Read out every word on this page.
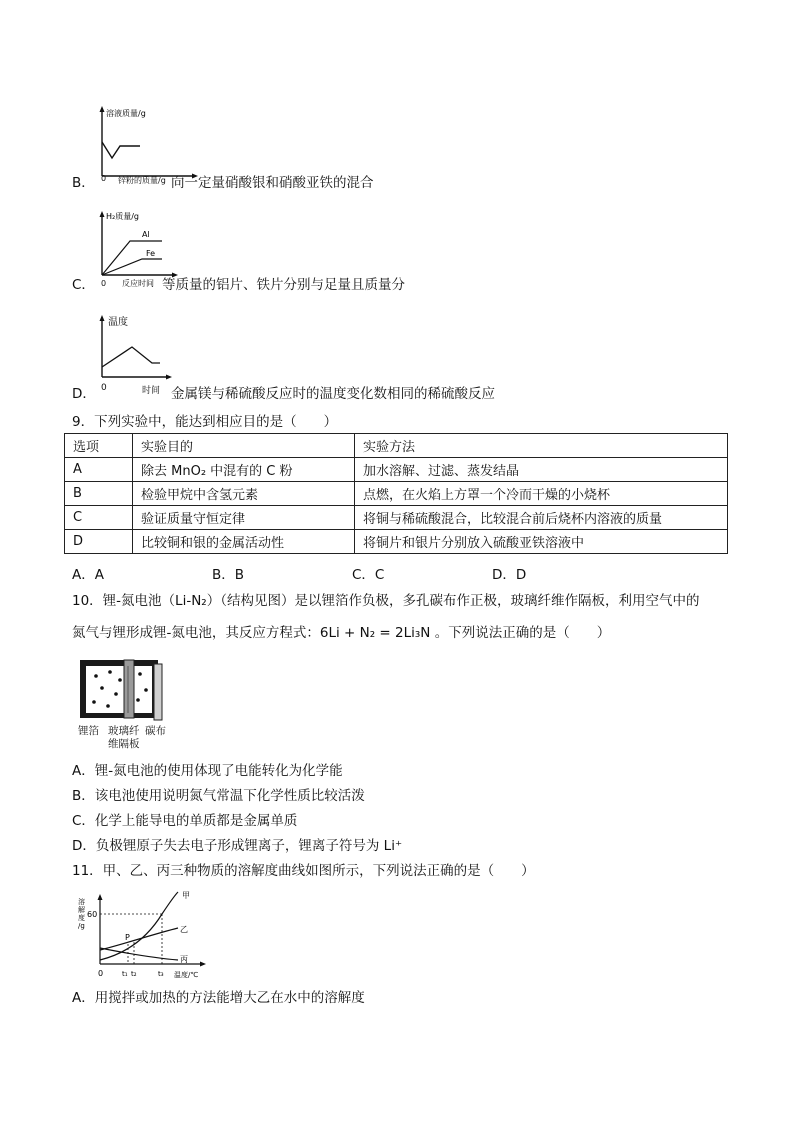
溶液质量/g
0 锌粉的质量/g
B．	向一定量硝酸银和硝酸亚铁的混合
H₂质量/g
Al
Fe
0 反应时间
C．	等质量的铝片、铁片分别与足量且质量分
温度
0	时间
D．	金属镁与稀硫酸反应时的温度变化数相同的稀硫酸反应
9．下列实验中，能达到相应目的是（　　）
选项	实验目的	实验方法
A	除去 MnO₂ 中混有的 C 粉	加水溶解、过滤、蒸发结晶
B	检验甲烷中含氢元素	点燃，在火焰上方罩一个冷而干燥的小烧杯
C	验证质量守恒定律	将铜与稀硫酸混合，比较混合前后烧杯内溶液的质量
D	比较铜和银的金属活动性	将铜片和银片分别放入硫酸亚铁溶液中
A．A	B．B	C．C	D．D
10．锂-氮电池（Li-N₂）（结构见图）是以锂箔作负极，多孔碳布作正极，玻璃纤维作隔板，利用空气中的
氮气与锂形成锂-氮电池，其反应方程式：6Li + N₂ = 2Li₃N 。下列说法正确的是（　　）
锂箔 玻璃纤
维隔板
碳布
A．锂-氮电池的使用体现了电能转化为化学能
B．该电池使用说明氮气常温下化学性质比较活泼
C．化学上能导电的单质都是金属单质
D．负极锂原子失去电子形成锂离子，锂离子符号为 Li⁺
11．甲、乙、丙三种物质的溶解度曲线如图所示，下列说法正确的是（　　）
甲
乙
丙
P
60
0	t₁ t₂	t₃ 温度/℃
溶
解
度
/g
A．用搅拌或加热的方法能增大乙在水中的溶解度
